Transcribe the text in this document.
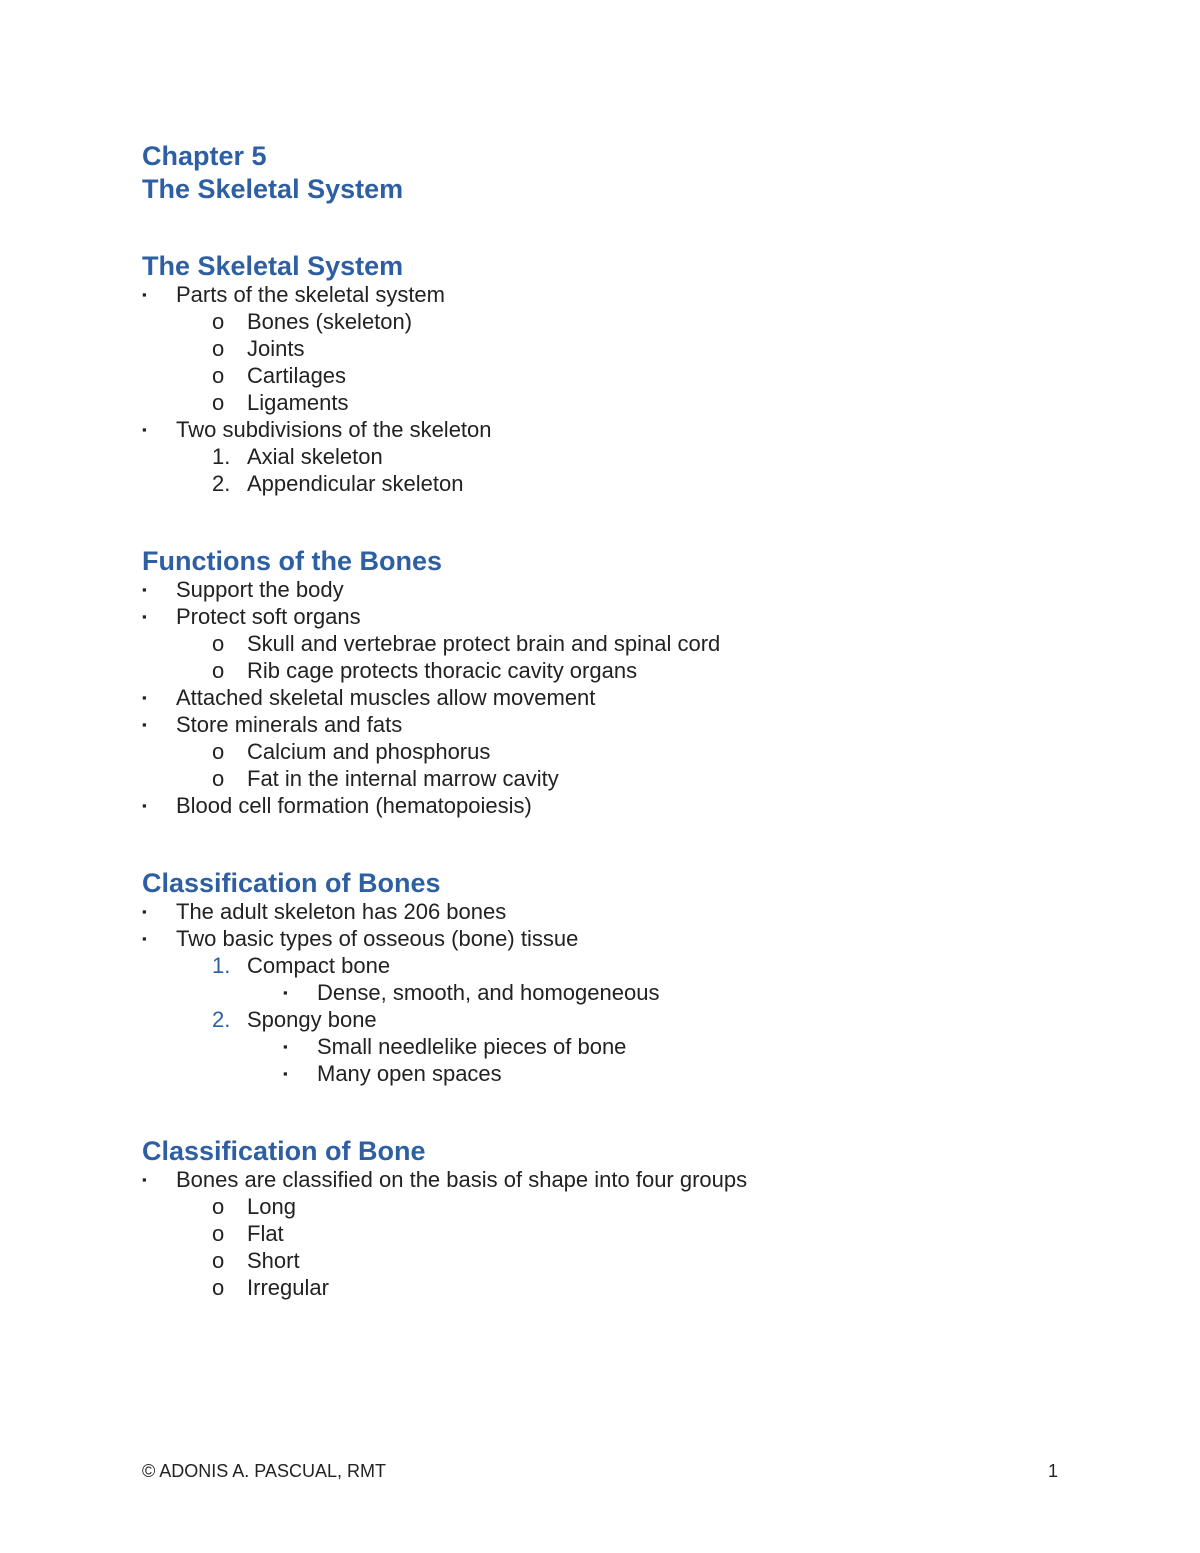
Chapter 5
The Skeletal System
The Skeletal System
▪ Parts of the skeletal system
o Bones (skeleton)
o Joints
o Cartilages
o Ligaments
▪ Two subdivisions of the skeleton
1. Axial skeleton
2. Appendicular skeleton
Functions of the Bones
▪ Support the body
▪ Protect soft organs
o Skull and vertebrae protect brain and spinal cord
o Rib cage protects thoracic cavity organs
▪ Attached skeletal muscles allow movement
▪ Store minerals and fats
o Calcium and phosphorus
o Fat in the internal marrow cavity
▪ Blood cell formation (hematopoiesis)
Classification of Bones
▪ The adult skeleton has 206 bones
▪ Two basic types of osseous (bone) tissue
1. Compact bone
▪ Dense, smooth, and homogeneous
2. Spongy bone
▪ Small needlelike pieces of bone
▪ Many open spaces
Classification of Bone
▪ Bones are classified on the basis of shape into four groups
o Long
o Flat
o Short
o Irregular
© ADONIS A. PASCUAL, RMT	1
